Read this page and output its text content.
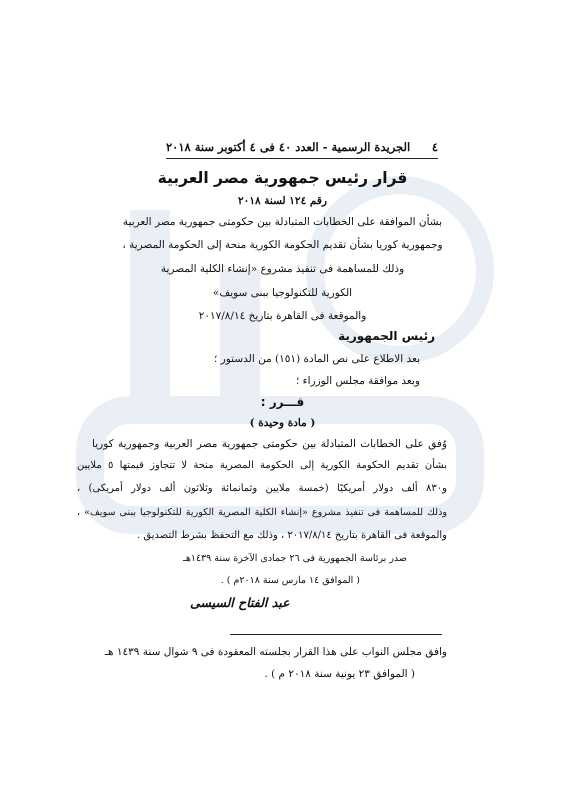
٤
الجريدة الرسمية - العدد ٤٠ فى ٤ أكتوبر سنة ٢٠١٨
قرار رئيس جمهورية مصر العربية
رقم ١٢٤ لسنة ٢٠١٨
بشأن الموافقة على الخطابات المتبادلة بين حكومتى جمهورية مصر العربية
وجمهورية كوريا بشأن تقديم الحكومة الكورية منحة إلى الحكومة المصرية ،
وذلك للمساهمة فى تنفيذ مشروع «إنشاء الكلية المصرية
الكورية للتكنولوجيا ببنى سويف»
والموقعة فى القاهرة بتاريخ ٢٠١٧/٨/١٤
رئيس الجمهورية
بعد الاطلاع على نص المادة (١٥١) من الدستور ؛
وبعد موافقة مجلس الوزراء ؛
قـــرر :
( مادة وحيدة )
وُفق على الخطابات المتبادلة بين حكومتى جمهورية مصر العربية وجمهورية كوريا
بشأن تقديم الحكومة الكورية إلى الحكومة المصرية منحة لا تتجاوز قيمتها ٥ ملايين
و٨٣٠ ألف دولار أمريكيًا (خمسة ملايين وثمانمائة وثلاثون ألف دولار أمريكى) ،
وذلك للمساهمة فى تنفيذ مشروع «إنشاء الكلية المصرية الكورية للتكنولوجيا ببنى سويف» ،
والموقعة فى القاهرة بتاريخ ٢٠١٧/٨/١٤ ، وذلك مع التحفظ بشرط التصديق .
صدر برئاسة الجمهورية فى ٢٦ جمادى الآخرة سنة ١٤٣٩هـ
( الموافق ١٤ مارس سنة ٢٠١٨م ) .
عبد الفتاح السيسى
وافق مجلس النواب على هذا القرار بجلسته المعقودة فى ٩ شوال سنة ١٤٣٩ هـ
( الموافق ٢٣ يونية سنة ٢٠١٨ م ) .
